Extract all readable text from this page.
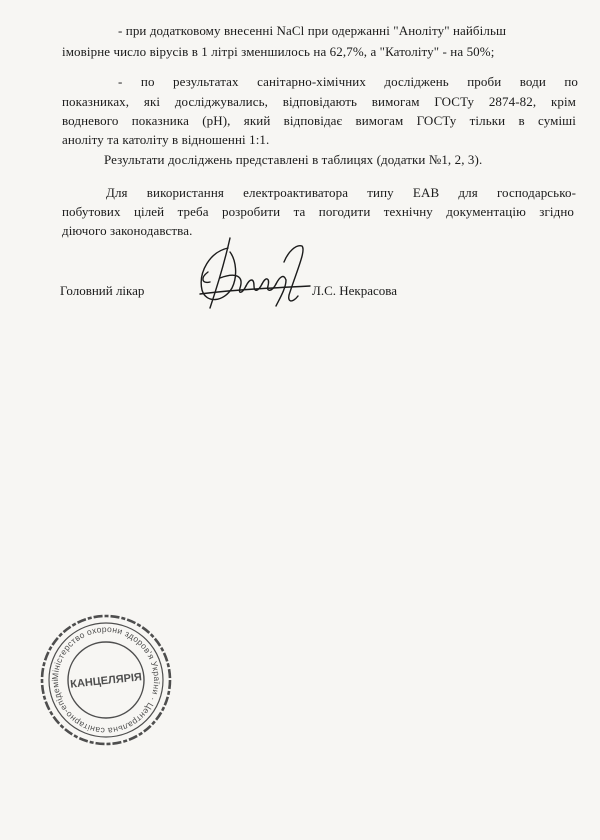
- при додатковому внесенні NaCl при одержанні "Аноліту" найбільш
імовірне число вірусів в 1 літрі зменшилось на 62,7%, а "Католіту" - на 50%;
- по результатах санітарно-хімічних досліджень проби води по
показниках, які досліджувались, відповідають вимогам ГОСТу 2874-82, крім
водневого показника (рН), який відповідає вимогам ГОСТу тільки в суміші
аноліту та католіту в відношенні 1:1.
Результати досліджень представлені в таблицях (додатки №1, 2, 3).
Для використання електроактиватора типу ЕАВ для господарсько-
побутових цілей треба розробити та погодити технічну документацію згідно
діючого законодавства.
Головний лікар	Л.С. Некрасова
Міністерство охорони здоров'я України · Центральна санітарно-епідеміологічна станція
КАНЦЕЛЯРІЯ
